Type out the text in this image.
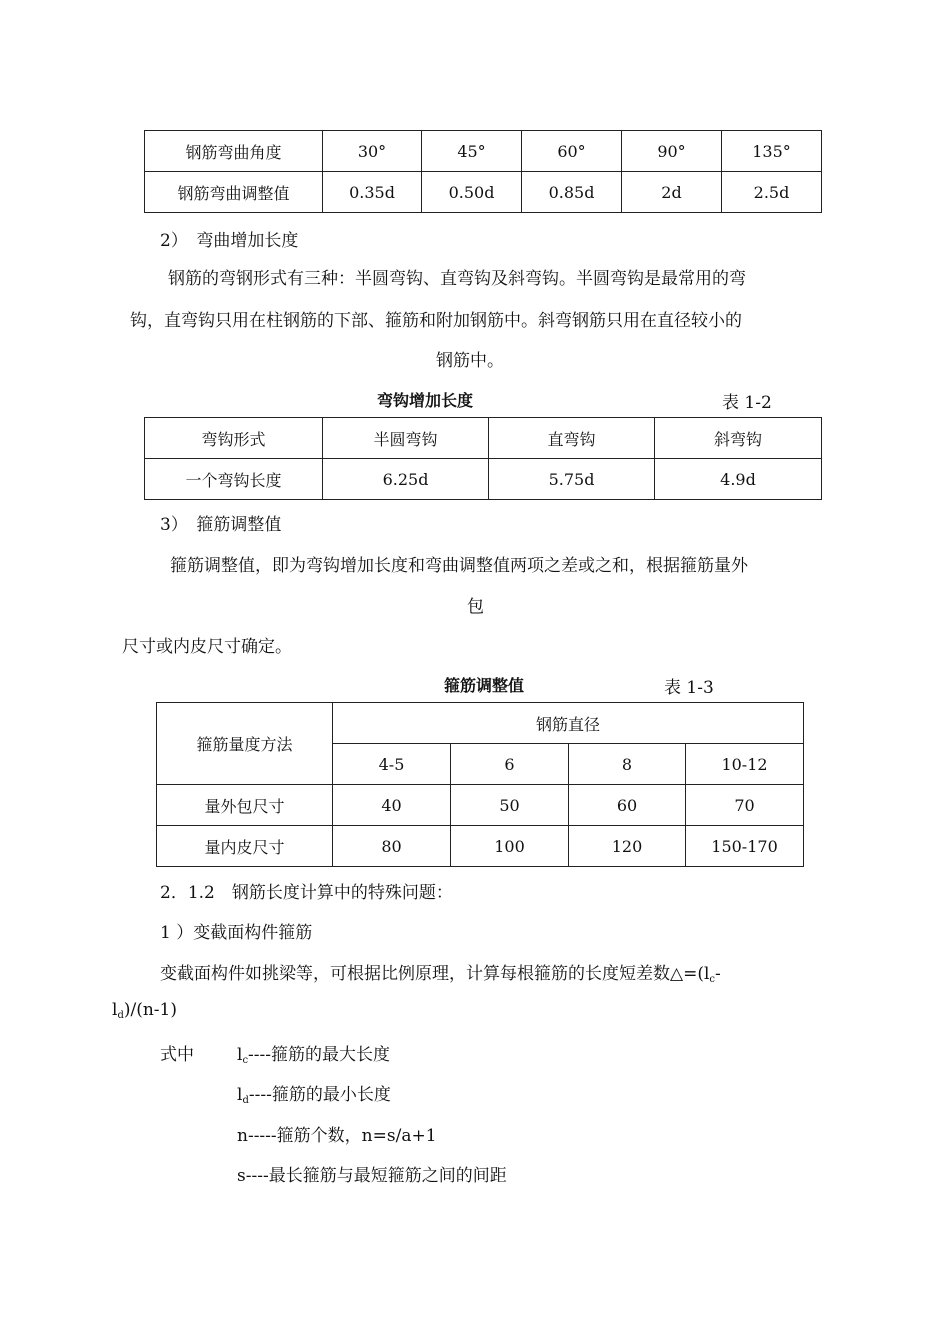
钢筋弯曲角度	30°	45°	60°	90°	135°
钢筋弯曲调整值	0.35d	0.50d	0.85d	2d	2.5d
2）　弯曲增加长度
钢筋的弯钢形式有三种：半圆弯钩、直弯钩及斜弯钩。半圆弯钩是最常用的弯
钩，直弯钩只用在柱钢筋的下部、箍筋和附加钢筋中。斜弯钢筋只用在直径较小的
钢筋中。
弯钩增加长度	表 1-2
弯钩形式	半圆弯钩	直弯钩	斜弯钩
一个弯钩长度	6.25d	5.75d	4.9d
3）　箍筋调整值
箍筋调整值，即为弯钩增加长度和弯曲调整值两项之差或之和，根据箍筋量外
包
尺寸或内皮尺寸确定。
箍筋调整值	表 1-3
箍筋量度方法	钢筋直径			
	4-5	6	8	10-12
量外包尺寸	40	50	60	70
量内皮尺寸	80	100	120	150-170
2．1.2　钢筋长度计算中的特殊问题：
1 ）变截面构件箍筋
变截面构件如挑梁等，可根据比例原理，计算每根箍筋的长度短差数$\triangle=(l_c-$
$l_d)/(n-1)$
式中	$l_c----$箍筋的最大长度
$l_d----$箍筋的最小长度
n-----箍筋个数，n=s/a+1
s----最长箍筋与最短箍筋之间的间距
